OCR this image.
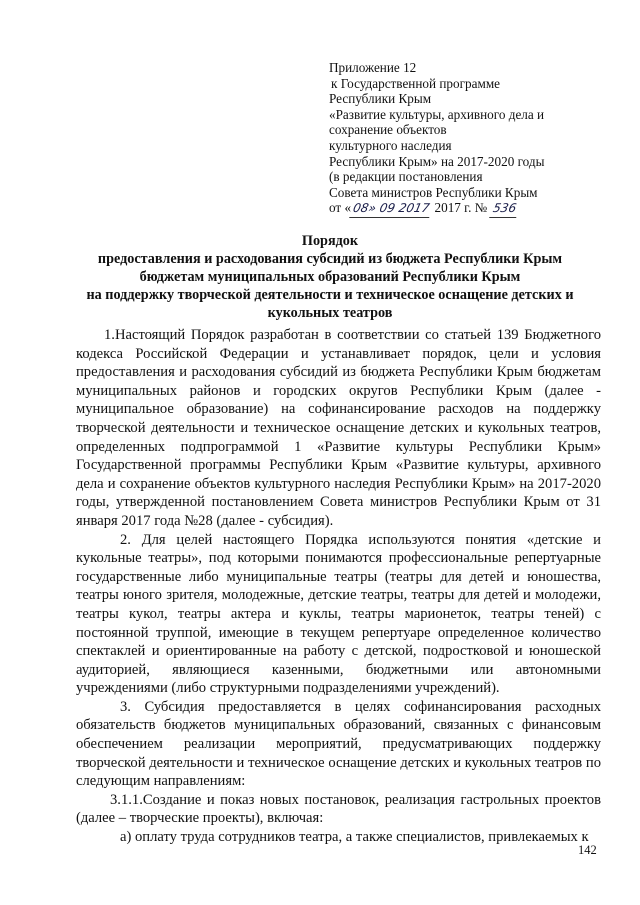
Приложение 12
к Государственной программе
Республики Крым
«Развитие культуры, архивного дела и
сохранение объектов
культурного наследия
Республики Крым» на 2017-2020 годы
(в редакции постановления
Совета министров Республики Крым
от «08» 09 2017 2017 г. № 536
Порядок
предоставления и расходования субсидий из бюджета Республики Крым
бюджетам муниципальных образований Республики Крым
на поддержку творческой деятельности и техническое оснащение детских и кукольных театров

1.Настоящий Порядок разработан в соответствии со статьей 139 Бюджетного кодекса Российской Федерации и устанавливает порядок, цели и условия предоставления и расходования субсидий из бюджета Республики Крым бюджетам муниципальных районов и городских округов Республики Крым (далее - муниципальное образование) на софинансирование расходов на поддержку творческой деятельности и техническое оснащение детских и кукольных театров, определенных подпрограммой 1 «Развитие культуры Республики Крым» Государственной программы Республики Крым «Развитие культуры, архивного дела и сохранение объектов культурного наследия Республики Крым» на 2017-2020 годы, утвержденной постановлением Совета министров Республики Крым от 31 января 2017 года №28 (далее - субсидия).

2. Для целей настоящего Порядка используются понятия «детские и кукольные театры», под которыми понимаются профессиональные репертуарные государственные либо муниципальные театры (театры для детей и юношества, театры юного зрителя, молодежные, детские театры, театры для детей и молодежи, театры кукол, театры актера и куклы, театры марионеток, театры теней) с постоянной труппой, имеющие в текущем репертуаре определенное количество спектаклей и ориентированные на работу с детской, подростковой и юношеской аудиторией, являющиеся казенными, бюджетными или автономными учреждениями (либо структурными подразделениями учреждений).

3. Субсидия предоставляется в целях софинансирования расходных обязательств бюджетов муниципальных образований, связанных с финансовым обеспечением реализации мероприятий, предусматривающих поддержку творческой деятельности и техническое оснащение детских и кукольных театров по следующим направлениям:

3.1.1.Создание и показ новых постановок, реализация гастрольных проектов (далее – творческие проекты), включая:

а) оплату труда сотрудников театра, а также специалистов, привлекаемых к

142
